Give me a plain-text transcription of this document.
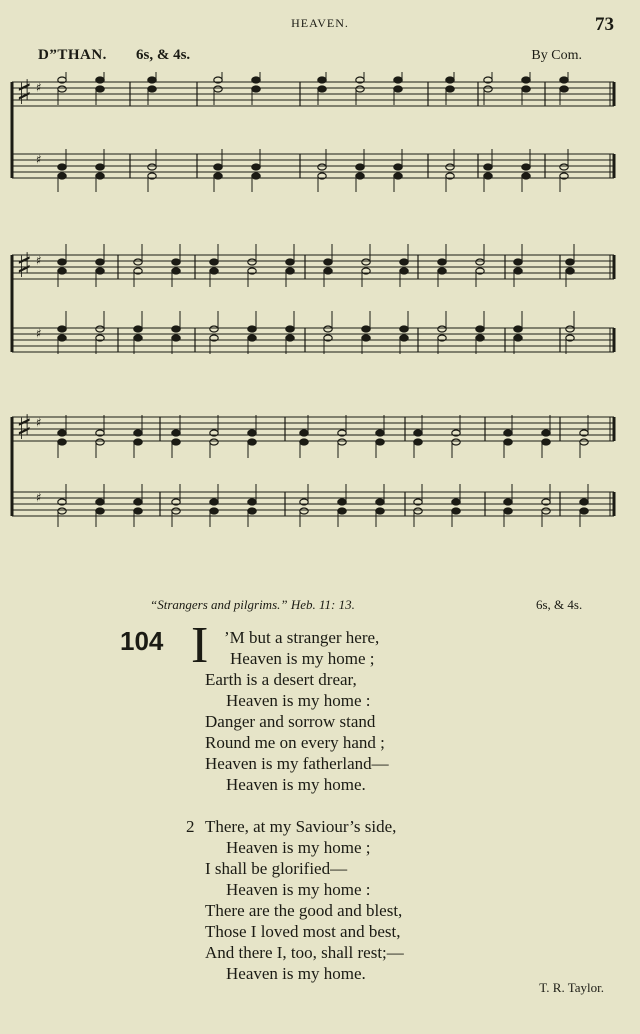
HEAVEN.	73
D”THAN. 6s, & 4s.	By Com.
♯ ♯
♯
♯ ♯
♯
♯ ♯
♯
“Strangers and pilgrims.” Heb. 11: 13.	6s, & 4s.
104 I ’M but a stranger here,
Heaven is my home ;
Earth is a desert drear,
Heaven is my home :
Danger and sorrow stand
Round me on every hand ;
Heaven is my fatherland—
Heaven is my home.
2 There, at my Saviour’s side,
Heaven is my home ;
I shall be glorified—
Heaven is my home :
There are the good and blest,
Those I loved most and best,
And there I, too, shall rest;—
Heaven is my home.
T. R. Taylor.
